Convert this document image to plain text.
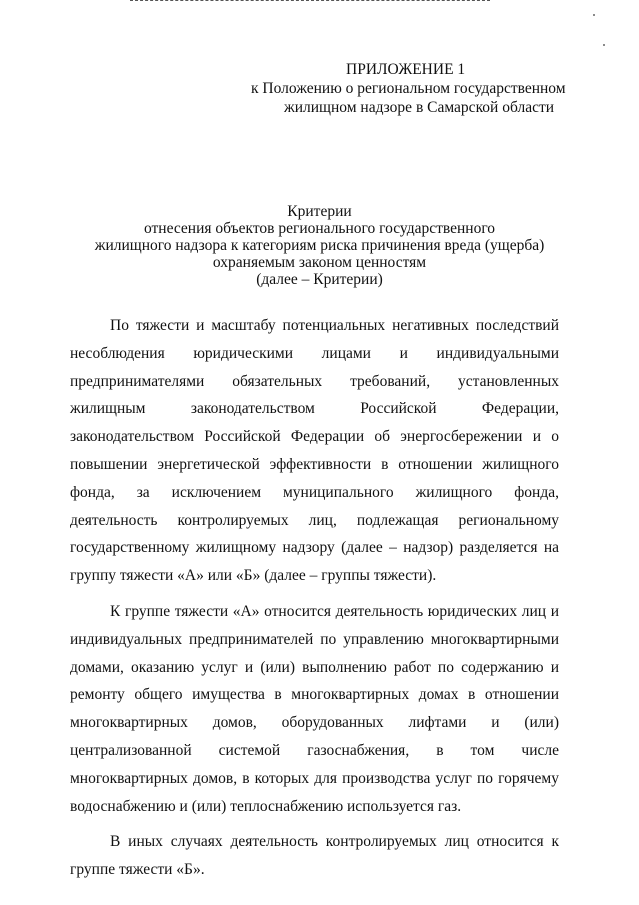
ПРИЛОЖЕНИЕ 1
к Положению о региональном государственном
жилищном надзоре в Самарской области
Критерии
отнесения объектов регионального государственного
жилищного надзора к категориям риска причинения вреда (ущерба)
охраняемым законом ценностям
(далее – Критерии)

По тяжести и масштабу потенциальных негативных последствий несоблюдения юридическими лицами и индивидуальными предпринимателями обязательных требований, установленных жилищным законодательством Российской Федерации, законодательством Российской Федерации об энергосбережении и о повышении энергетической эффективности в отношении жилищного фонда, за исключением муниципального жилищного фонда, деятельность контролируемых лиц, подлежащая региональному государственному жилищному надзору (далее – надзор) разделяется на группу тяжести «А» или «Б» (далее – группы тяжести).

К группе тяжести «А» относится деятельность юридических лиц и индивидуальных предпринимателей по управлению многоквартирными домами, оказанию услуг и (или) выполнению работ по содержанию и ремонту общего имущества в многоквартирных домах в отношении многоквартирных домов, оборудованных лифтами и (или) централизованной системой газоснабжения, в том числе многоквартирных домов, в которых для производства услуг по горячему водоснабжению и (или) теплоснабжению используется газ.

В иных случаях деятельность контролируемых лиц относится к группе тяжести «Б».
